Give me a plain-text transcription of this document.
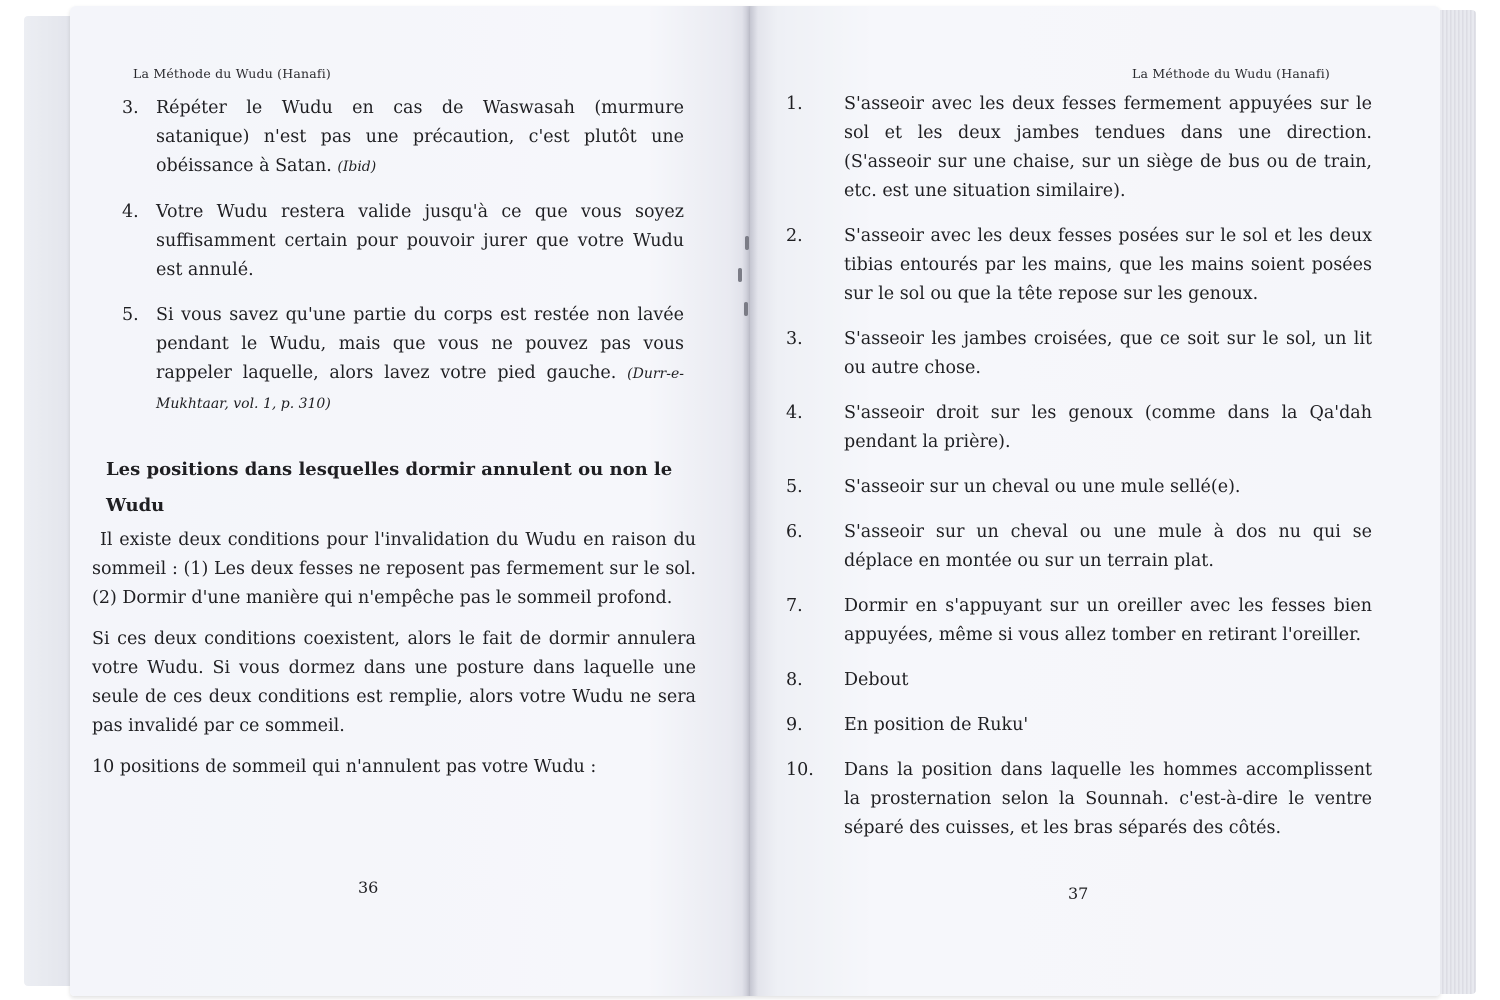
La Méthode du Wudu (Hanafi)
3. Répéter le Wudu en cas de Waswasah (murmure satanique) n'est pas une précaution, c'est plutôt une obéissance à Satan. (Ibid)
4. Votre Wudu restera valide jusqu'à ce que vous soyez suffisamment certain pour pouvoir jurer que votre Wudu est annulé.
5. Si vous savez qu'une partie du corps est restée non lavée pendant le Wudu, mais que vous ne pouvez pas vous rappeler laquelle, alors lavez votre pied gauche. (Durr-e-Mukhtaar, vol. 1, p. 310)
Les positions dans lesquelles dormir annulent ou non le Wudu

Il existe deux conditions pour l'invalidation du Wudu en raison du sommeil : (1) Les deux fesses ne reposent pas fermement sur le sol. (2) Dormir d'une manière qui n'empêche pas le sommeil profond.

Si ces deux conditions coexistent, alors le fait de dormir annulera votre Wudu. Si vous dormez dans une posture dans laquelle une seule de ces deux conditions est remplie, alors votre Wudu ne sera pas invalidé par ce sommeil.

10 positions de sommeil qui n'annulent pas votre Wudu :

36
La Méthode du Wudu (Hanafi)
1.	S'asseoir avec les deux fesses fermement appuyées sur le sol et les deux jambes tendues dans une direction. (S'asseoir sur une chaise, sur un siège de bus ou de train, etc. est une situation similaire).
2.	S'asseoir avec les deux fesses posées sur le sol et les deux tibias entourés par les mains, que les mains soient posées sur le sol ou que la tête repose sur les genoux.
3.	S'asseoir les jambes croisées, que ce soit sur le sol, un lit ou autre chose.
4.	S'asseoir droit sur les genoux (comme dans la Qa'dah pendant la prière).
5.	S'asseoir sur un cheval ou une mule sellé(e).
6.	S'asseoir sur un cheval ou une mule à dos nu qui se déplace en montée ou sur un terrain plat.
7.	Dormir en s'appuyant sur un oreiller avec les fesses bien appuyées, même si vous allez tomber en retirant l'oreiller.
8.	Debout
9.	En position de Ruku'
10.	Dans la position dans laquelle les hommes accomplissent la prosternation selon la Sounnah. c'est-à-dire le ventre séparé des cuisses, et les bras séparés des côtés.
37
